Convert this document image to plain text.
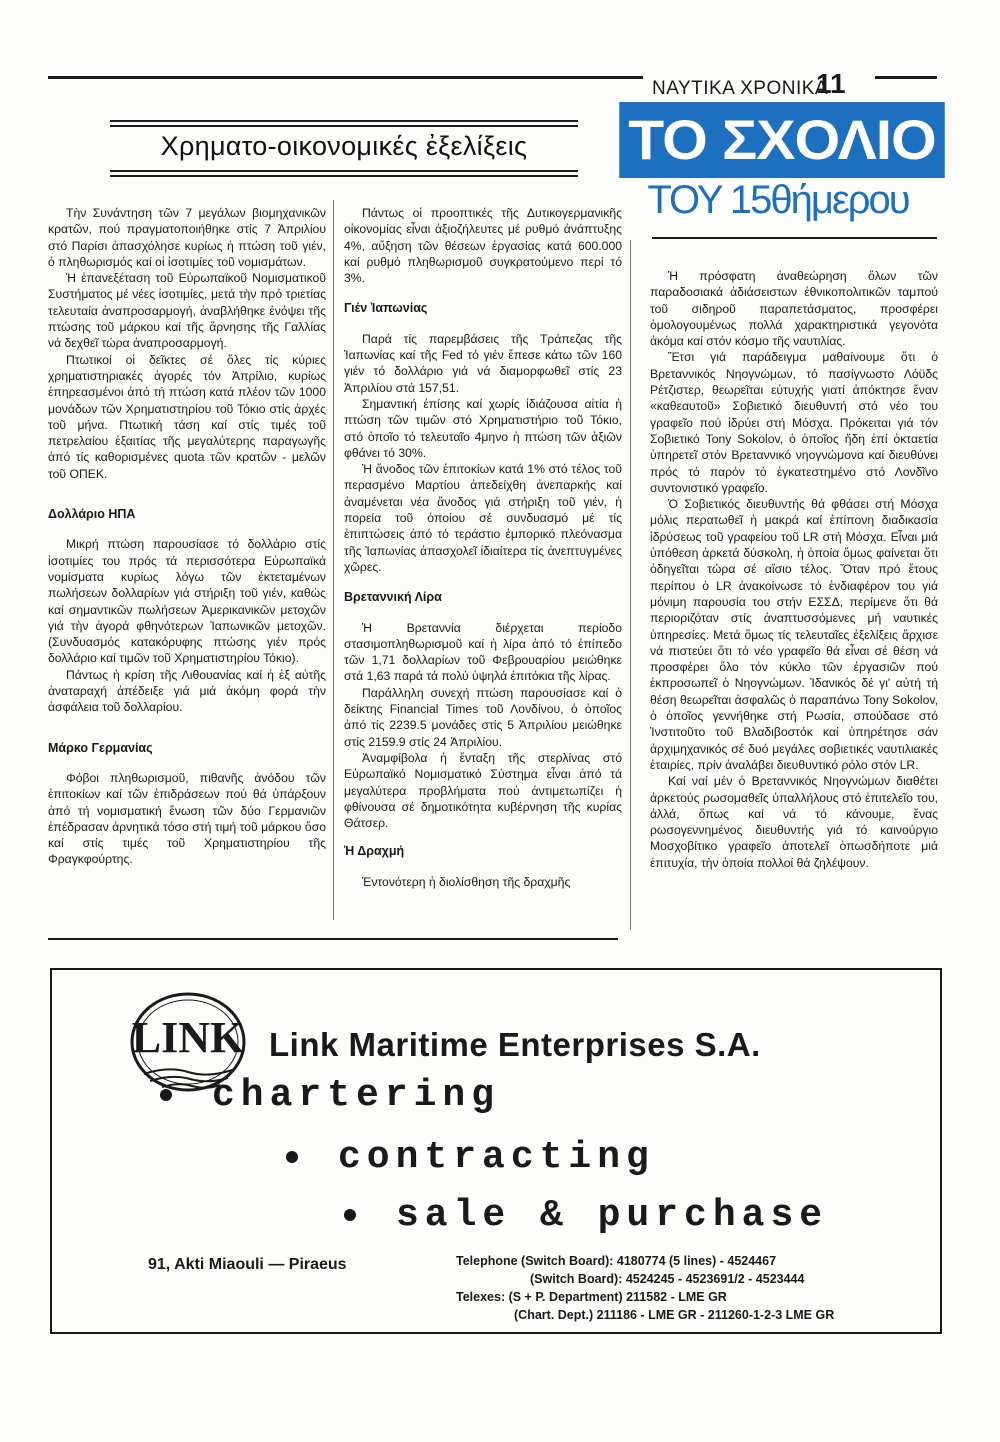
ΝΑΥΤΙΚΑ ΧΡΟΝΙΚΑ
11
Χρηματο-οικονομικές ἐξελίξεις	ΤΟ ΣΧΟΛΙΟ
ΤΟΥ 15θήμερου

Τὴν Συνάντηση τῶν 7 μεγάλων βιομηχανικῶν κρατῶν, πού πραγματοποιήθηκε στίς 7 Ἀπριλίου στό Παρίσι ἀπασχόλησε κυρίως ἡ πτώση τοῦ γιέν, ὁ πληθωρισμός καί οἱ ἰσοτιμίες τοῦ νομισμάτων.

Ἡ ἐπανεξέταση τοῦ Εὐρωπαϊκοῦ Νομισματικοῦ Συστήματος μέ νέες ἰσοτιμίες, μετά τὴν πρό τριετίας τελευταία ἀναπροσαρμογή, ἀναβλήθηκε ἐνόψει τῆς πτώσης τοῦ μάρκου καί τῆς ἄρνησης τῆς Γαλλίας νά δεχθεῖ τώρα ἀναπροσαρμογή.

Πτωτικοί οἱ δεῖκτες σέ ὅλες τίς κύριες χρηματιστηριακές ἀγορές τόν Ἀπρίλιο, κυρίως ἐπηρεασμένοι ἀπό τή πτώση κατά πλέον τῶν 1000 μονάδων τῶν Χρηματιστηρίου τοῦ Τόκιο στίς ἀρχές τοῦ μήνα. Πτωτική τάση καί στίς τιμές τοῦ πετρελαίου ἐξαιτίας τῆς μεγαλύτερης παραγωγῆς ἀπό τίς καθορισμένες quota τῶν κρατῶν - μελῶν τοῦ ΟΠΕΚ.

Δολλάριο ΗΠΑ

Μικρή πτώση παρουσίασε τό δολλάριο στίς ἰσοτιμίες του πρός τά περισσότερα Εὐρωπαϊκά νομίσματα κυρίως λόγω τῶν ἐκτεταμένων πωλήσεων δολλαρίων γιά στήριξη τοῦ γιέν, καθώς καί σημαντικῶν πωλήσεων Ἀμερικανικῶν μετοχῶν γιά τὴν ἀγορά φθηνότερων Ἰαπωνικῶν μετοχῶν. (Συνδυασμός κατακόρυφης πτώσης γιέν πρός δολλάριο καί τιμῶν τοῦ Χρηματιστηρίου Τόκιο).

Πάντως ἡ κρίση τῆς Λιθουανίας καί ἡ ἐξ αὐτῆς ἀναταραχή ἀπέδειξε γιά μιά ἀκόμη φορά τὴν ἀσφάλεια τοῦ δολλαρίου.

Μάρκο Γερμανίας

Φόβοι πληθωρισμοῦ, πιθανῆς ἀνόδου τῶν ἐπιτοκίων καί τῶν ἐπιδράσεων πού θά ὑπάρξουν ἀπό τή νομισματική ἕνωση τῶν δύο Γερμανιῶν ἐπέδρασαν ἀρνητικά τόσο στή τιμή τοῦ μάρκου ὅσο καί στίς τιμές τοῦ Χρηματιστηρίου τῆς Φραγκφούρτης.

Πάντως οἱ προοπτικές τῆς Δυτικογερμανικῆς οἰκονομίας εἶναι ἀξιοζήλευτες μέ ρυθμό ἀνάπτυξης 4%, αὔξηση τῶν θέσεων ἐργασίας κατά 600.000 καί ρυθμό πληθωρισμοῦ συγκρατούμενο περί τό 3%.

Γιέν Ἰαπωνίας

Παρά τίς παρεμβάσεις τῆς Τράπεζας τῆς Ἰαπωνίας καί τῆς Fed τό γιέν ἔπεσε κάτω τῶν 160 γιέν τό δολλάριο γιά νά διαμορφωθεῖ στίς 23 Ἀπριλίου στά 157,51.

Σημαντική ἐπίσης καί χωρίς ἰδιάζουσα αἰτία ἡ πτώση τῶν τιμῶν στό Χρηματιστήριο τοῦ Τόκιο, στό ὁποῖο τό τελευταῖο 4μηνο ἡ πτώση τῶν ἀξιῶν φθάνει τό 30%.

Ἡ ἄνοδος τῶν ἐπιτοκίων κατά 1% στό τέλος τοῦ περασμένο Μαρτίου ἀπεδείχθη ἀνεπαρκής καί ἀναμένεται νέα ἄνοδος γιά στήριξη τοῦ γιέν, ἡ πορεία τοῦ ὁποίου σέ συνδυασμό μέ τίς ἐπιπτώσεις ἀπό τό τεράστιο ἐμπορικό πλεόνασμα τῆς Ἰαπωνίας ἀπασχολεῖ ἰδιαίτερα τίς ἀνεπτυγμένες χῶρες.

Βρεταννική Λίρα

Ἡ Βρεταννία διέρχεται περίοδο στασιμοπληθωρισμοῦ καί ἡ λίρα ἀπό τό ἐπίπεδο τῶν 1,71 δολλαρίων τοῦ Φεβρουαρίου μειώθηκε στά 1,63 παρά τά πολύ ὑψηλά ἐπιτόκια τῆς λίρας.

Παράλληλη συνεχή πτώση παρουσίασε καί ὁ δείκτης Financial Times τοῦ Λονδίνου, ὁ ὁποῖος ἀπό τίς 2239.5 μονάδες στίς 5 Ἀπριλίου μειώθηκε στίς 2159.9 στίς 24 Ἀπριλίου.

Ἀναμφίβολα ἡ ἔνταξη τῆς στερλίνας στό Εὐρωπαϊκό Νομισματικό Σύστημα εἶναι ἀπό τά μεγαλύτερα προβλήματα πού ἀντιμετωπίζει ἡ φθίνουσα σέ δημοτικότητα κυβέρνηση τῆς κυρίας Θάτσερ.

Ἡ Δραχμή

Ἐντονότερη ἡ διολίσθηση τῆς δραχμῆς

Ἡ πρόσφατη ἀναθεώρηση ὅλων τῶν παραδοσιακά ἀδιάσειστων ἐθνικοπολιτικῶν ταμπού τοῦ σιδηροῦ παραπετάσματος, προσφέρει ὁμολογουμένως πολλά χαρακτηριστικά γεγονότα ἀκόμα καί στόν κόσμο τῆς ναυτιλίας.

Ἔτσι γιά παράδειγμα μαθαίνουμε ὅτι ὁ Βρεταννικός Νηογνώμων, τό πασίγνωστο Λόϋδς Ρέτζιστερ, θεωρεῖται εὐτυχής γιατί ἀπόκτησε ἕναν «καθεαυτοῦ» Σοβιετικό διευθυντή στό νέο του γραφεῖο πού ἱδρύει στή Μόσχα. Πρόκειται γιά τόν Σοβιετικό Tony Sokolov, ὁ ὁποῖος ἤδη ἐπί ὀκταετία ὑπηρετεῖ στόν Βρεταννικό νηογνώμονα καί διευθύνει πρός τό παρόν τό ἐγκατεστημένο στό Λονδῖνο συντονιστικό γραφεῖο.

Ὁ Σοβιετικός διευθυντής θά φθάσει στή Μόσχα μόλις περατωθεῖ ἡ μακρά καί ἐπίπονη διαδικασία ἱδρύσεως τοῦ γραφείου τοῦ LR στή Μόσχα. Εἶναι μιά ὑπόθεση ἀρκετά δύσκολη, ἡ ὁποία ὅμως φαίνεται ὅτι ὁδηγεῖται τώρα σέ αἴσιο τέλος. Ὅταν πρό ἔτους περίπου ὁ LR ἀνακοίνωσε τό ἐνδιαφέρον του γιά μόνιμη παρουσία του στήν ΕΣΣΔ, περίμενε ὅτι θά περιοριζόταν στίς ἀναπτυσσόμενες μή ναυτικές ὑπηρεσίες. Μετά ὅμως τίς τελευταῖες ἐξελίξεις ἄρχισε νά πιστεύει ὅτι τό νέο γραφεῖο θά εἶναι σέ θέση νά προσφέρει ὅλο τόν κύκλο τῶν ἐργασιῶν πού ἐκπροσωπεῖ ὁ Νηογνώμων. Ἰδανικός δέ γι' αὐτή τή θέση θεωρεῖται ἀσφαλῶς ὁ παραπάνω Tony Sokolov, ὁ ὁποῖος γεννήθηκε στή Ρωσία, σπούδασε στό Ἰνστιτοῦτο τοῦ Βλαδιβοστόκ καί ὑπηρέτησε σάν ἀρχιμηχανικός σέ δυό μεγάλες σοβιετικές ναυτιλιακές ἑταιρίες, πρίν ἀναλάβει διευθυντικό ρόλο στόν LR.

Καί ναί μέν ὁ Βρεταννικός Νηογνώμων διαθέτει ἀρκετούς ρωσομαθεῖς ὑπαλλήλους στό ἐπιτελεῖο του, ἀλλά, ὅπως καί νά τό κάνουμε, ἕνας ρωσογεννημένος διευθυντής γιά τό καινούργιο Μοσχοβίτικο γραφεῖο ἀποτελεῖ ὁπωσδήποτε μιά ἐπιτυχία, τὴν ὁποία πολλοί θά ζηλέψουν.

LINK Link Maritime Enterprises S.A.
chartering
contracting
sale & purchase
91, Akti Miaouli — Piraeus	Telephone (Switch Board): 4180774 (5 lines) - 4524467
(Switch Board): 4524245 - 4523691/2 - 4523444
Telexes: (S + P. Department) 211582 - LME GR
(Chart. Dept.) 211186 - LME GR - 211260-1-2-3 LME GR
